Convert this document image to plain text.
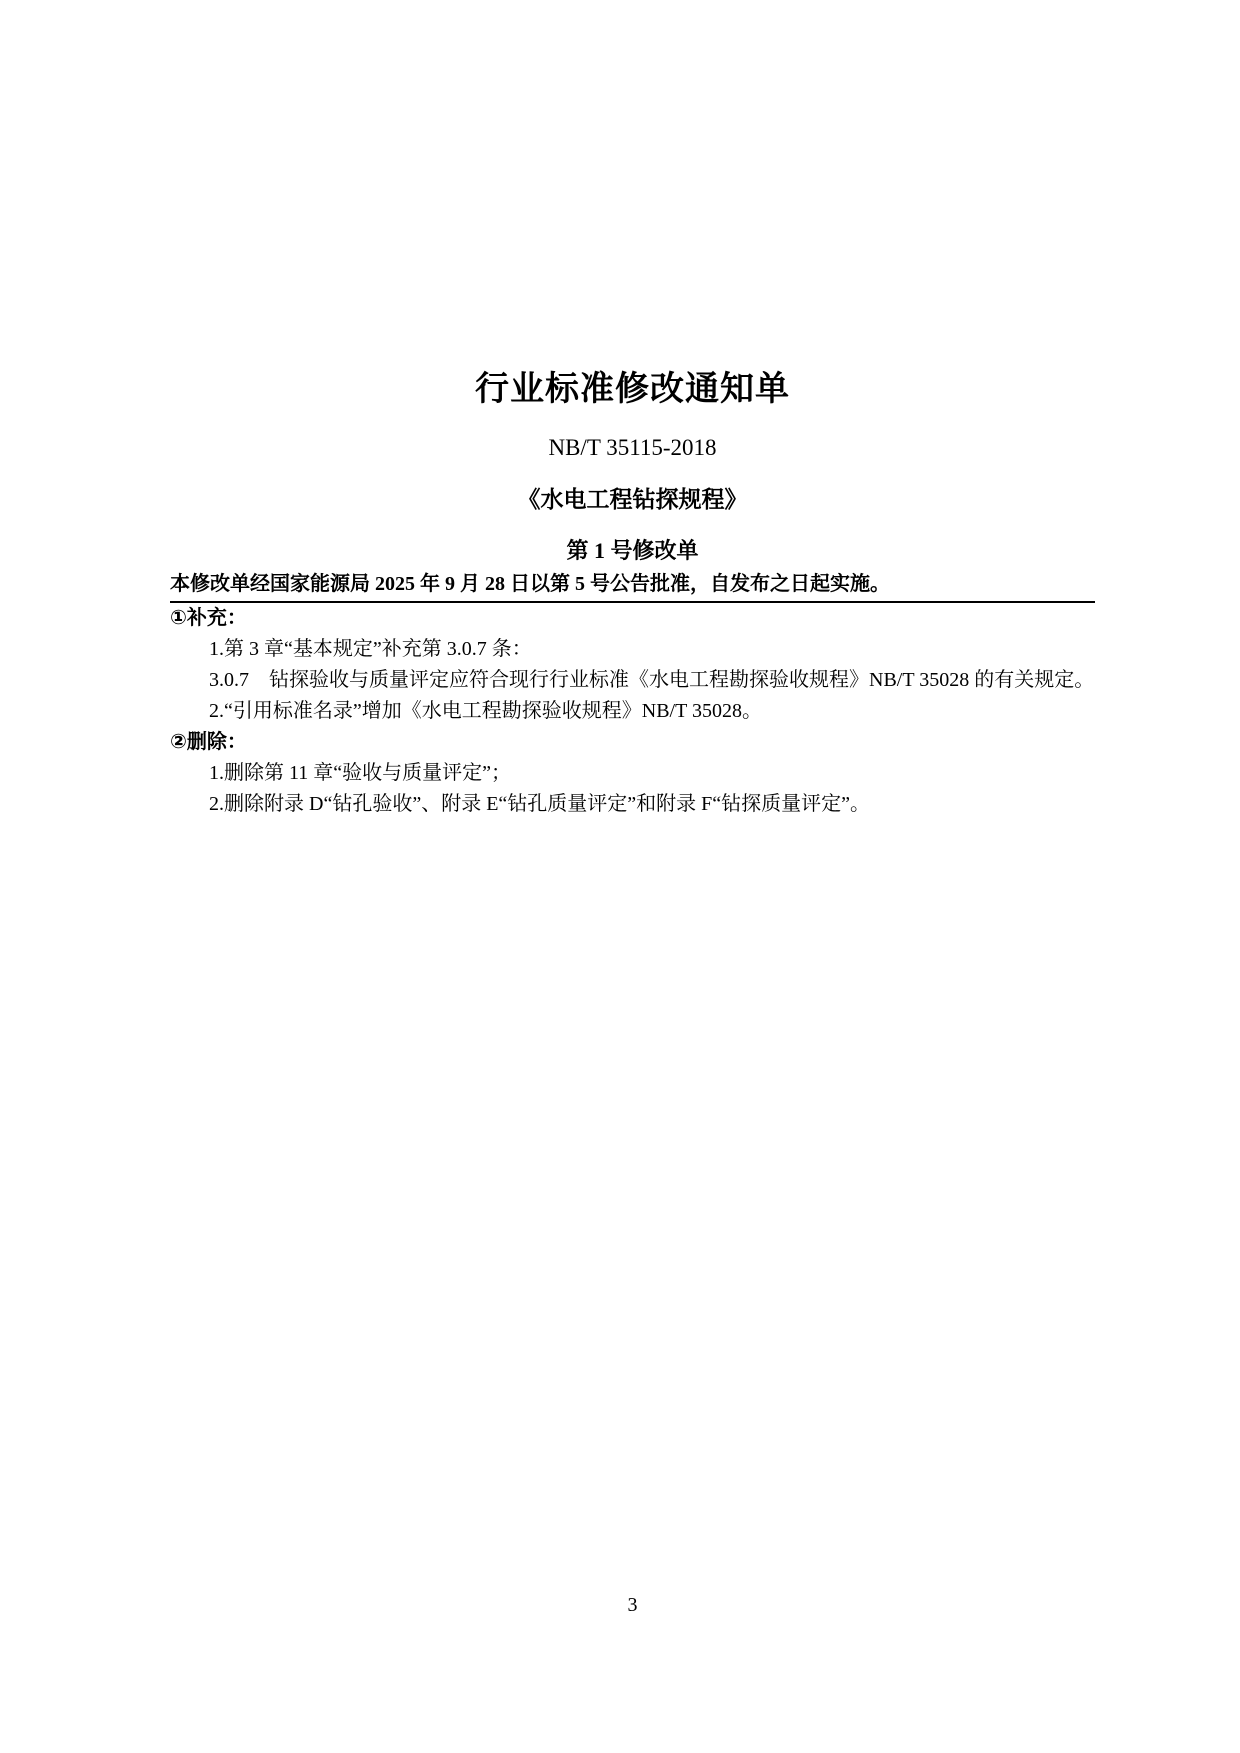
行业标准修改通知单

NB/T 35115-2018

《水电工程钻探规程》

第 1 号修改单

本修改单经国家能源局 2025 年 9 月 28 日以第 5 号公告批准，自发布之日起实施。

①补充：

1.第 3 章“基本规定”补充第 3.0.7 条：

3.0.7　钻探验收与质量评定应符合现行行业标准《水电工程勘探验收规程》NB/T 35028 的有关规定。

2.“引用标准名录”增加《水电工程勘探验收规程》NB/T 35028。

②删除：

1.删除第 11 章“验收与质量评定”；

2.删除附录 D“钻孔验收”、附录 E“钻孔质量评定”和附录 F“钻探质量评定”。

3
